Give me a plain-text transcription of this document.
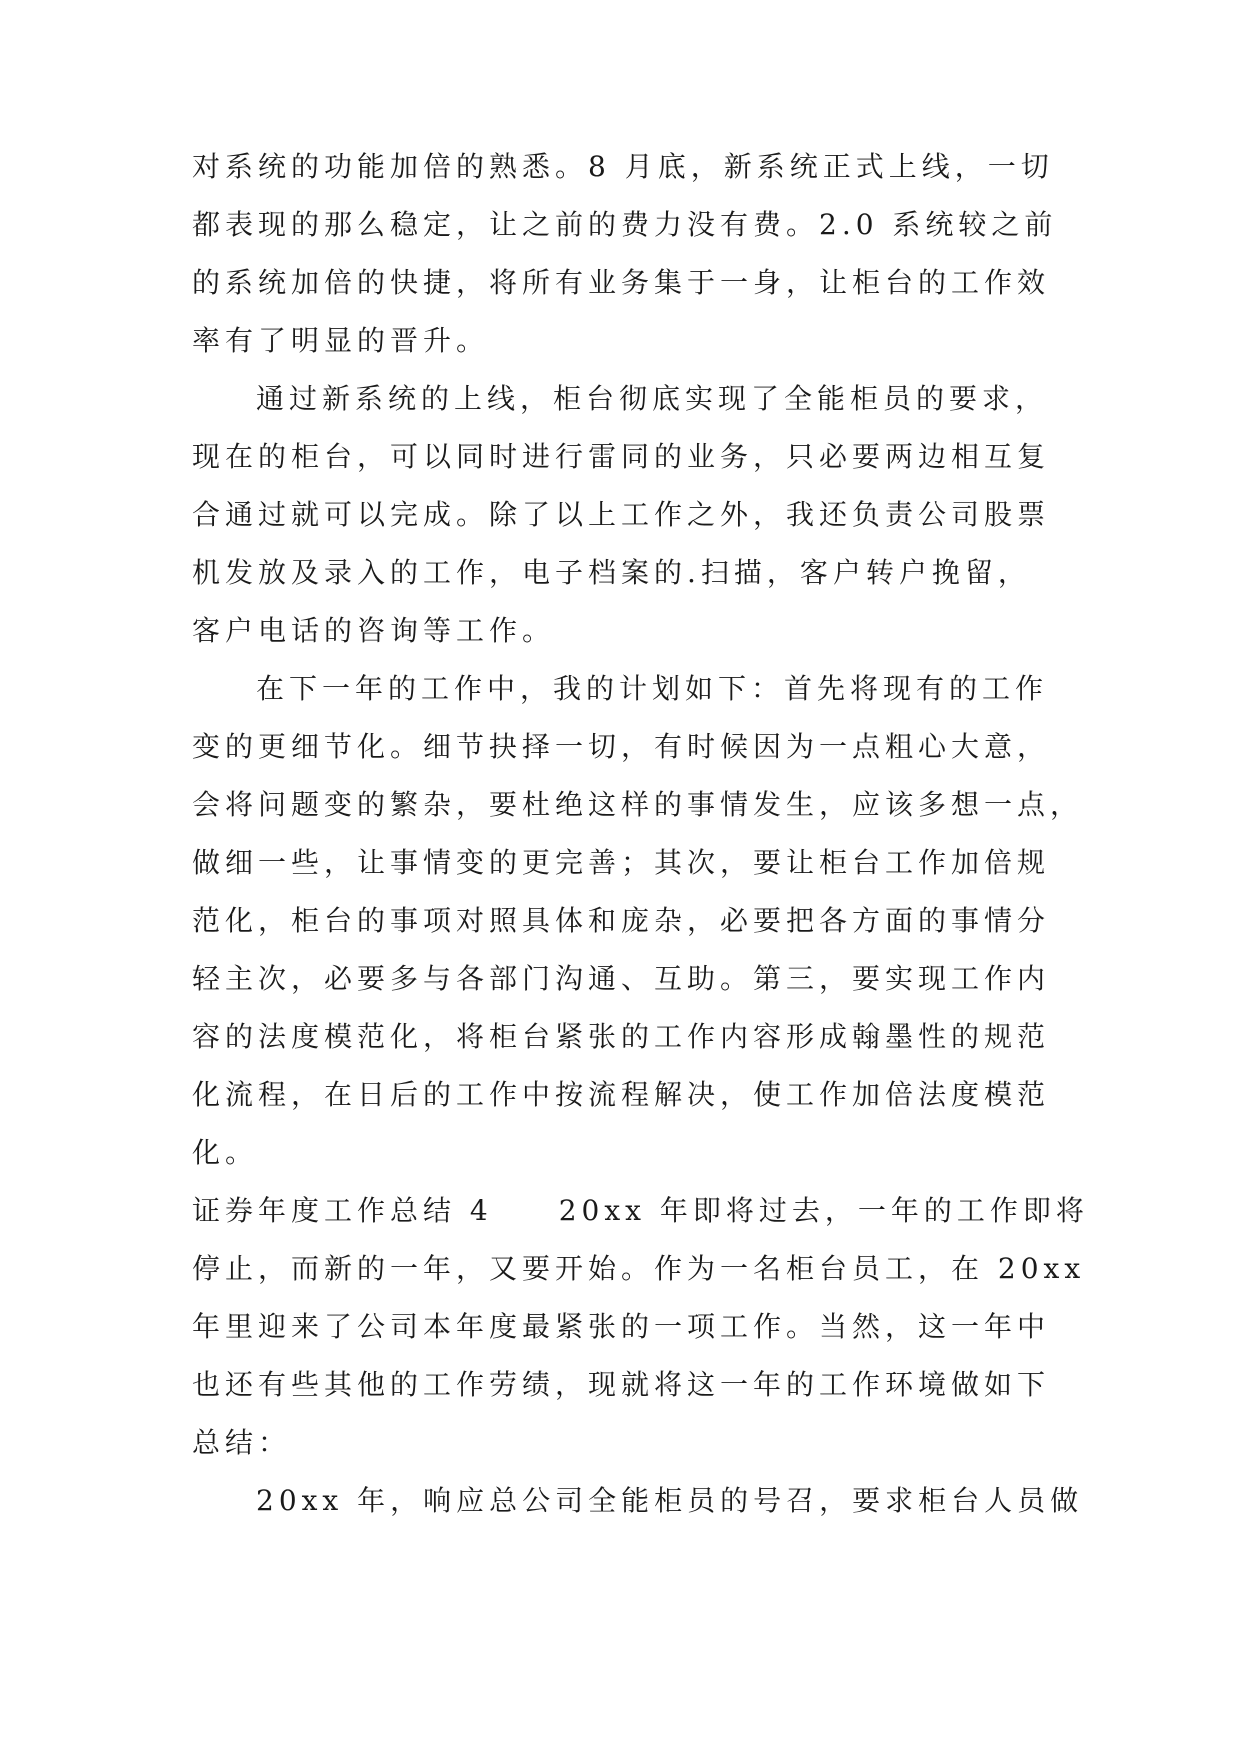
对系统的功能加倍的熟悉。8 月底，新系统正式上线，一切
都表现的那么稳定，让之前的费力没有费。2.0 系统较之前
的系统加倍的快捷，将所有业务集于一身，让柜台的工作效
率有了明显的晋升。
通过新系统的上线，柜台彻底实现了全能柜员的要求，
现在的柜台，可以同时进行雷同的业务，只必要两边相互复
合通过就可以完成。除了以上工作之外，我还负责公司股票
机发放及录入的工作，电子档案的.扫描，客户转户挽留，
客户电话的咨询等工作。
在下一年的工作中，我的计划如下：首先将现有的工作
变的更细节化。细节抉择一切，有时候因为一点粗心大意，
会将问题变的繁杂，要杜绝这样的事情发生，应该多想一点，
做细一些，让事情变的更完善；其次，要让柜台工作加倍规
范化，柜台的事项对照具体和庞杂，必要把各方面的事情分
轻主次，必要多与各部门沟通、互助。第三，要实现工作内
容的法度模范化，将柜台紧张的工作内容形成翰墨性的规范
化流程，在日后的工作中按流程解决，使工作加倍法度模范
化。
证券年度工作总结 4　　20xx 年即将过去，一年的工作即将
停止，而新的一年，又要开始。作为一名柜台员工，在 20xx
年里迎来了公司本年度最紧张的一项工作。当然，这一年中
也还有些其他的工作劳绩，现就将这一年的工作环境做如下
总结：
20xx 年，响应总公司全能柜员的号召，要求柜台人员做
